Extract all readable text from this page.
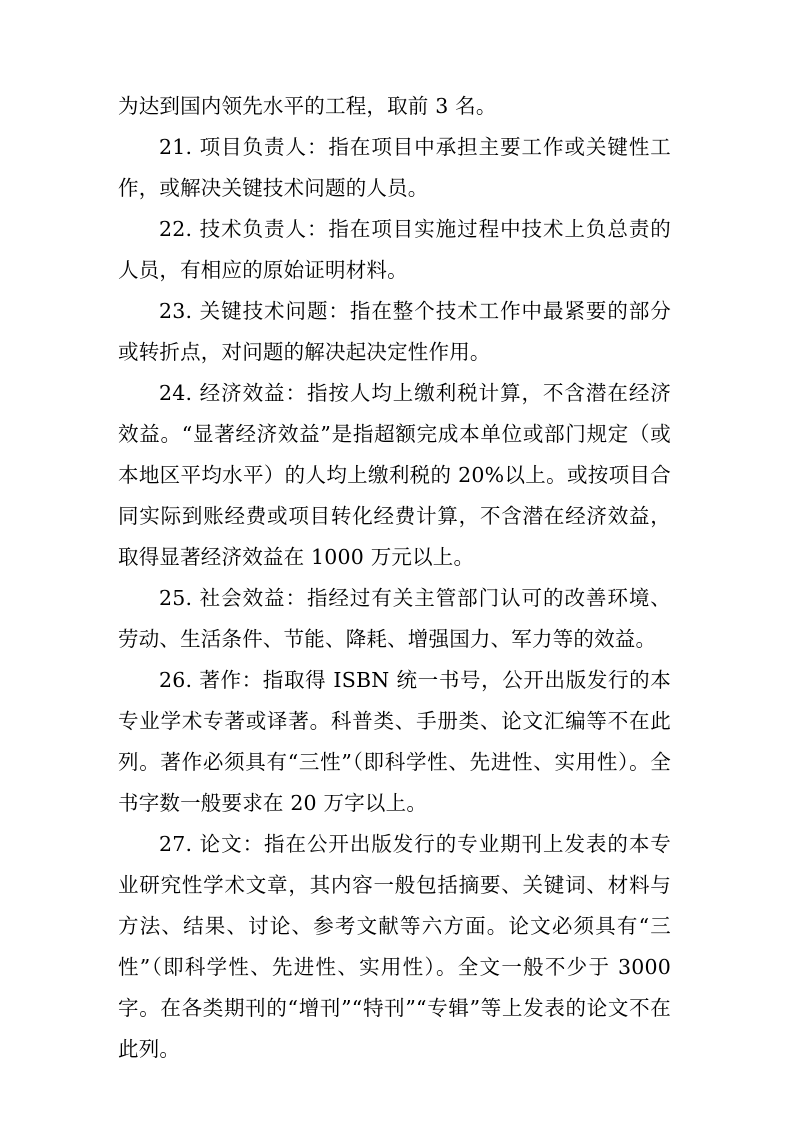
为达到国内领先水平的工程，取前 3 名。

21. 项目负责人：指在项目中承担主要工作或关键性工作，或解决关键技术问题的人员。

22. 技术负责人：指在项目实施过程中技术上负总责的人员，有相应的原始证明材料。

23. 关键技术问题：指在整个技术工作中最紧要的部分或转折点，对问题的解决起决定性作用。

24. 经济效益：指按人均上缴利税计算，不含潜在经济效益。“显著经济效益”是指超额完成本单位或部门规定（或本地区平均水平）的人均上缴利税的 20%以上。或按项目合同实际到账经费或项目转化经费计算，不含潜在经济效益，取得显著经济效益在 1000 万元以上。

25. 社会效益：指经过有关主管部门认可的改善环境、劳动、生活条件、节能、降耗、增强国力、军力等的效益。

26. 著作：指取得 ISBN 统一书号，公开出版发行的本专业学术专著或译著。科普类、手册类、论文汇编等不在此列。著作必须具有“三性”（即科学性、先进性、实用性）。全书字数一般要求在 20 万字以上。

27. 论文：指在公开出版发行的专业期刊上发表的本专业研究性学术文章，其内容一般包括摘要、关键词、材料与方法、结果、讨论、参考文献等六方面。论文必须具有“三性”（即科学性、先进性、实用性）。全文一般不少于 3000 字。在各类期刊的“增刊”“特刊”“专辑”等上发表的论文不在此列。
